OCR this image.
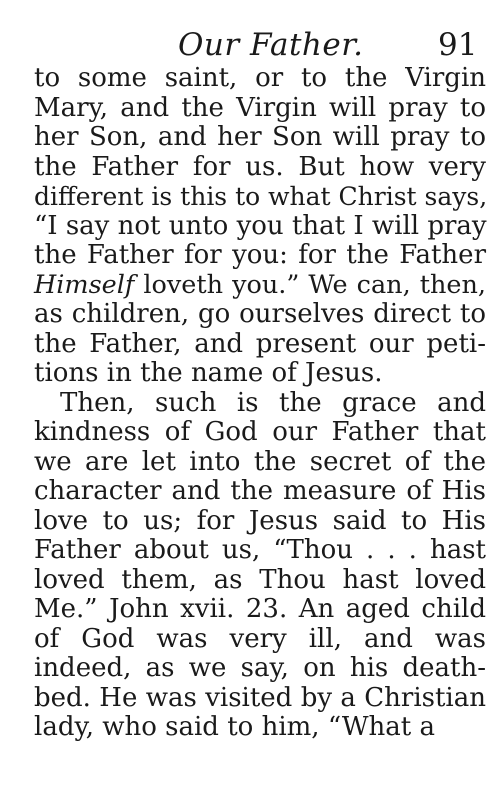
Our Father. 91
to some saint, or to the Virgin
Mary, and the Virgin will pray to
her Son, and her Son will pray to
the Father for us. But how very
different is this to what Christ says,
“I say not unto you that I will pray
the Father for you: for the Father
Himself loveth you.” We can, then,
as children, go ourselves direct to
the Father, and present our peti-
tions in the name of Jesus.
Then, such is the grace and
kindness of God our Father that
we are let into the secret of the
character and the measure of His
love to us; for Jesus said to His
Father about us, “Thou . . . hast
loved them, as Thou hast loved
Me.” John xvii. 23. An aged child
of God was very ill, and was
indeed, as we say, on his death-
bed. He was visited by a Christian
lady, who said to him, “What a
